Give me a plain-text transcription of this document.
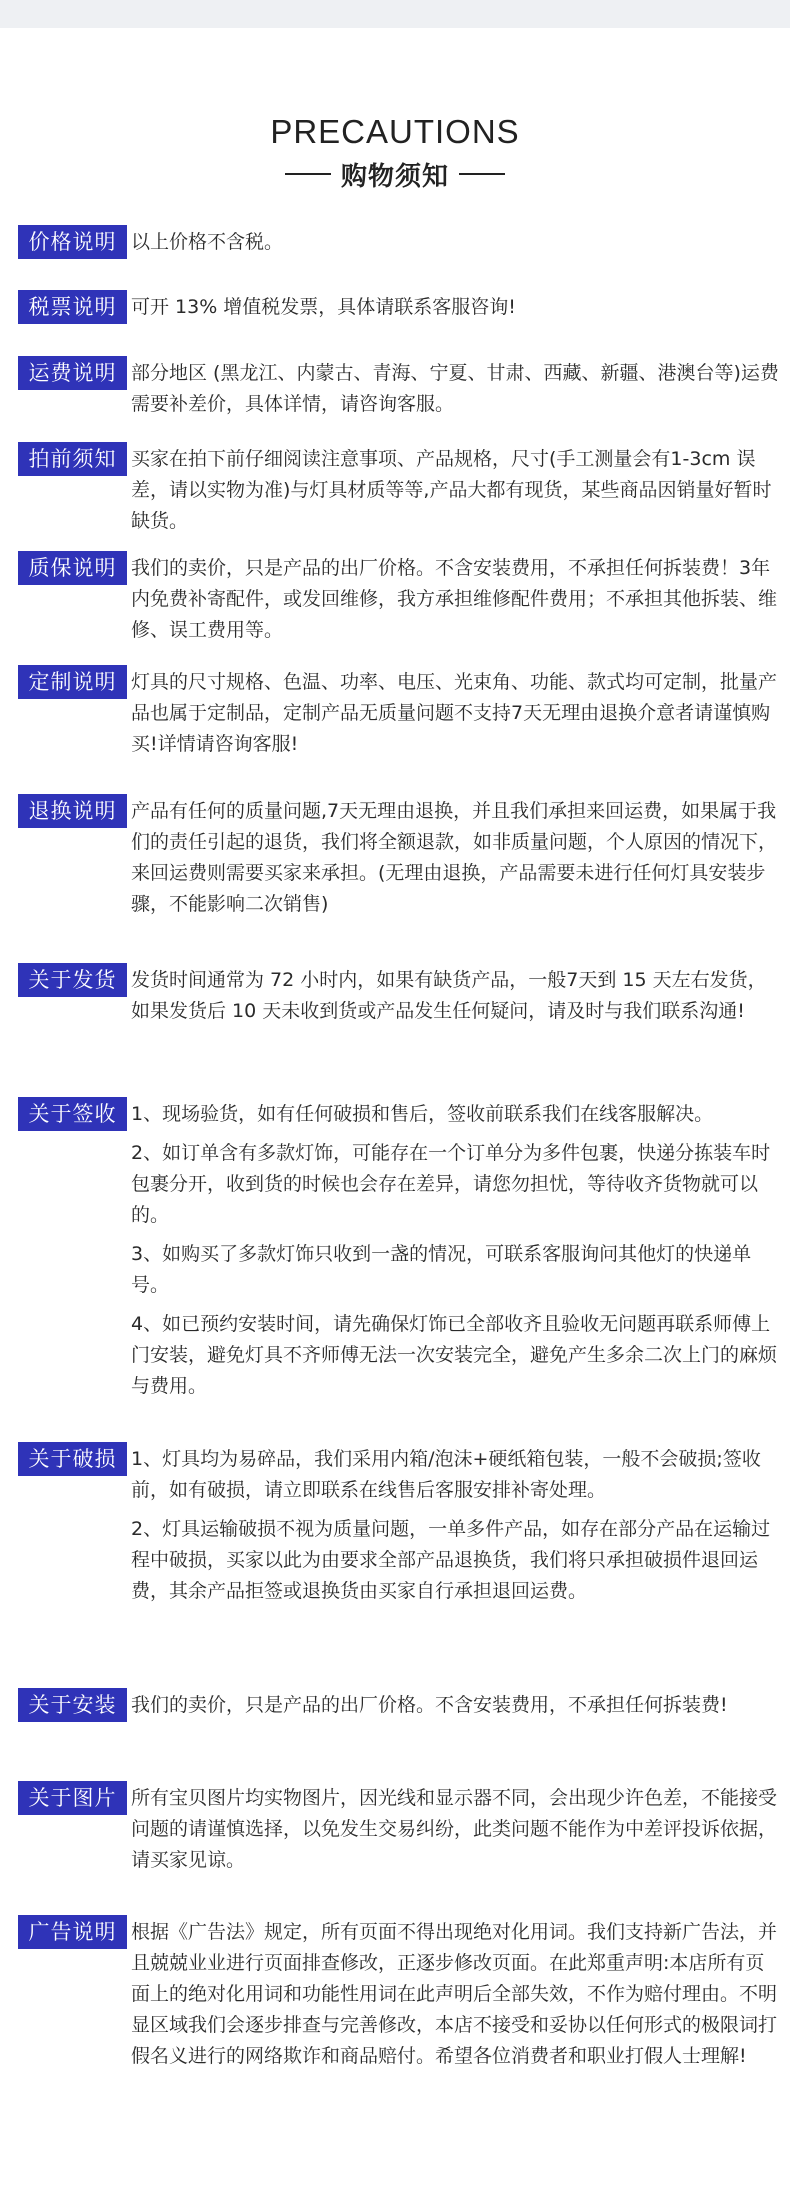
PRECAUTIONS
购物须知
价格说明 以上价格不含税。

税票说明 可开 13% 增值税发票，具体请联系客服咨询!

运费说明 部分地区 (黑龙江、内蒙古、青海、宁夏、甘肃、西藏、新疆、港澳台等)运费需要补差价，具体详情，请咨询客服。

拍前须知 买家在拍下前仔细阅读注意事项、产品规格，尺寸(手工测量会有1-3cm 误差，请以实物为准)与灯具材质等等,产品大都有现货，某些商品因销量好暂时缺货。

质保说明 我们的卖价，只是产品的出厂价格。不含安装费用，不承担任何拆装费！3年内免费补寄配件，或发回维修，我方承担维修配件费用；不承担其他拆装、维修、误工费用等。

定制说明 灯具的尺寸规格、色温、功率、电压、光束角、功能、款式均可定制，批量产品也属于定制品，定制产品无质量问题不支持7天无理由退换介意者请谨慎购买!详情请咨询客服!

退换说明 产品有任何的质量问题,7天无理由退换，并且我们承担来回运费，如果属于我们的责任引起的退货，我们将全额退款，如非质量问题，个人原因的情况下，来回运费则需要买家来承担。(无理由退换，产品需要未进行任何灯具安装步骤，不能影响二次销售)

关于发货 发货时间通常为 72 小时内，如果有缺货产品，一般7天到 15 天左右发货，如果发货后 10 天未收到货或产品发生任何疑问，请及时与我们联系沟通!

关于签收 1、现场验货，如有任何破损和售后，签收前联系我们在线客服解决。

2、如订单含有多款灯饰，可能存在一个订单分为多件包裹，快递分拣装车时包裹分开，收到货的时候也会存在差异，请您勿担忧，等待收齐货物就可以的。

3、如购买了多款灯饰只收到一盏的情况，可联系客服询问其他灯的快递单号。

4、如已预约安装时间，请先确保灯饰已全部收齐且验收无问题再联系师傅上门安装，避免灯具不齐师傅无法一次安装完全，避免产生多余二次上门的麻烦与费用。

关于破损 1、灯具均为易碎品，我们采用内箱/泡沫+硬纸箱包装，一般不会破损;签收前，如有破损，请立即联系在线售后客服安排补寄处理。

2、灯具运输破损不视为质量问题，一单多件产品，如存在部分产品在运输过程中破损，买家以此为由要求全部产品退换货，我们将只承担破损件退回运费，其余产品拒签或退换货由买家自行承担退回运费。

关于安装 我们的卖价，只是产品的出厂价格。不含安装费用，不承担任何拆装费!

关于图片 所有宝贝图片均实物图片，因光线和显示器不同，会出现少许色差，不能接受问题的请谨慎选择，以免发生交易纠纷，此类问题不能作为中差评投诉依据，请买家见谅。

广告说明 根据《广告法》规定，所有页面不得出现绝对化用词。我们支持新广告法，并且兢兢业业进行页面排查修改，正逐步修改页面。在此郑重声明:本店所有页面上的绝对化用词和功能性用词在此声明后全部失效，不作为赔付理由。不明显区域我们会逐步排查与完善修改，本店不接受和妥协以任何形式的极限词打假名义进行的网络欺诈和商品赔付。希望各位消费者和职业打假人士理解!
